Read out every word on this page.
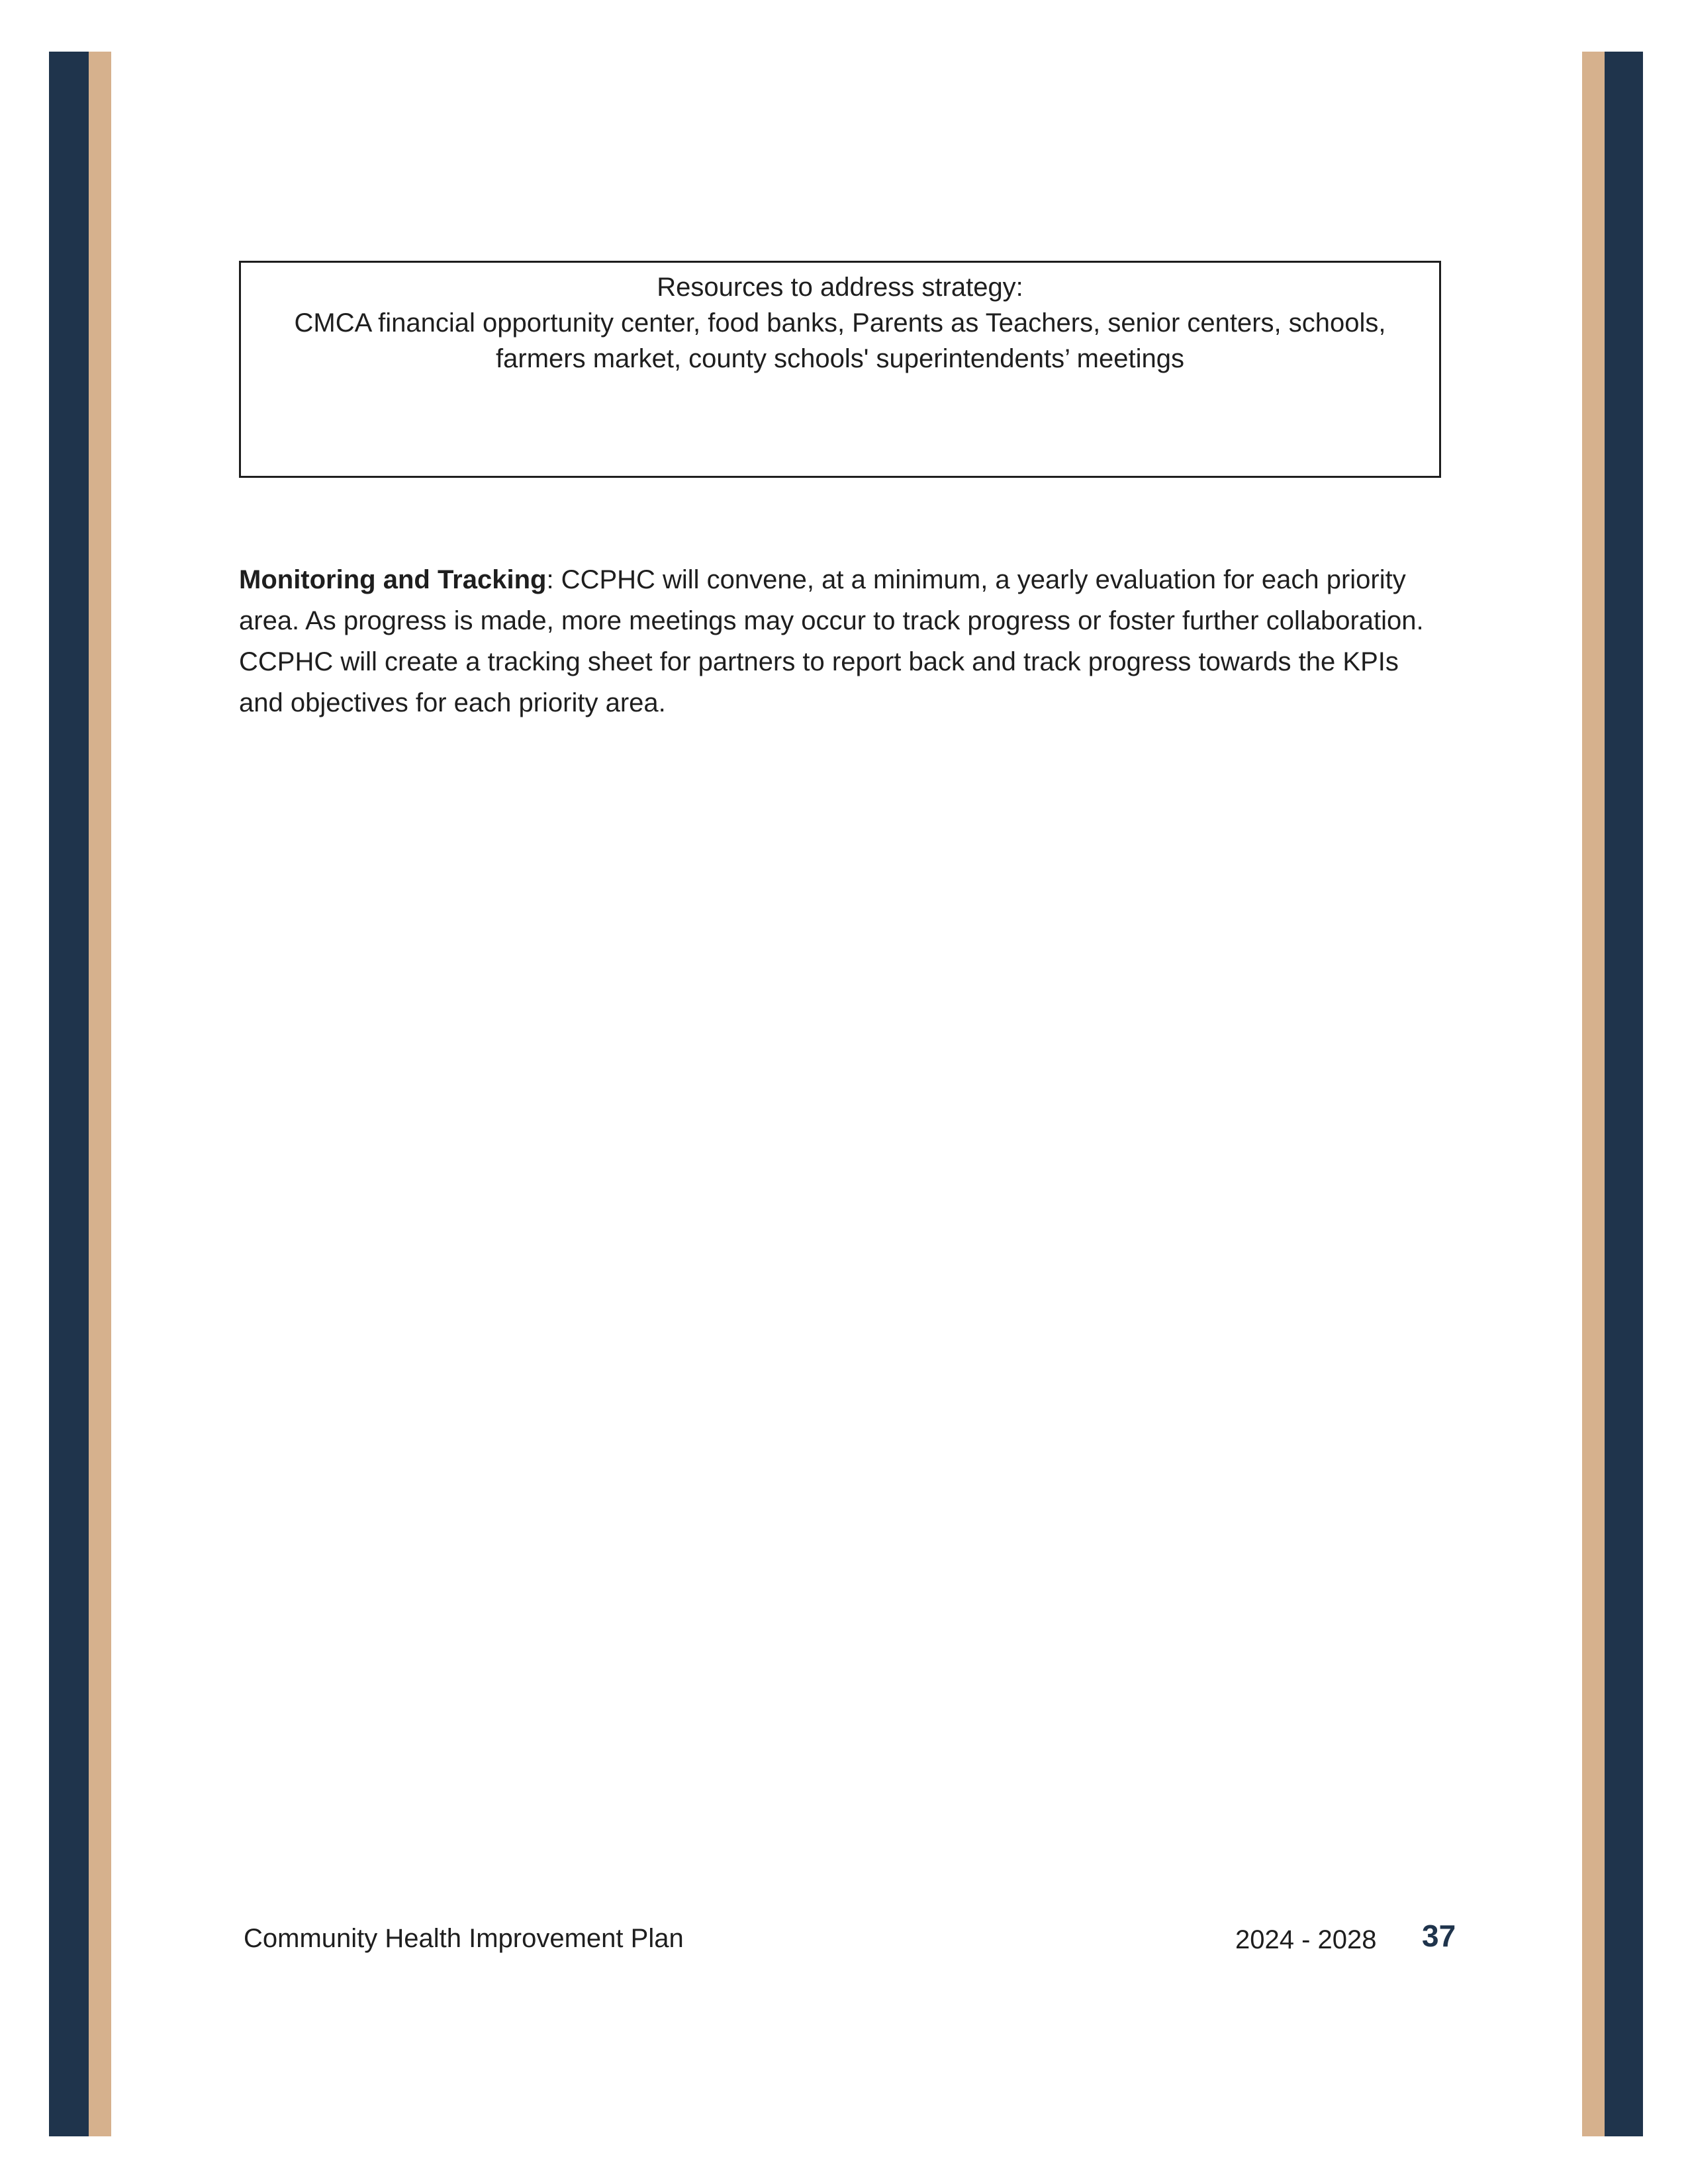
Resources to address strategy:

CMCA financial opportunity center, food banks, Parents as Teachers, senior centers, schools, farmers market, county schools' superintendents’ meetings

Monitoring and Tracking: CCPHC will convene, at a minimum, a yearly evaluation for each priority area. As progress is made, more meetings may occur to track progress or foster further collaboration. CCPHC will create a tracking sheet for partners to report back and track progress towards the KPIs and objectives for each priority area.

Community Health Improvement Plan	2024 - 2028 37
